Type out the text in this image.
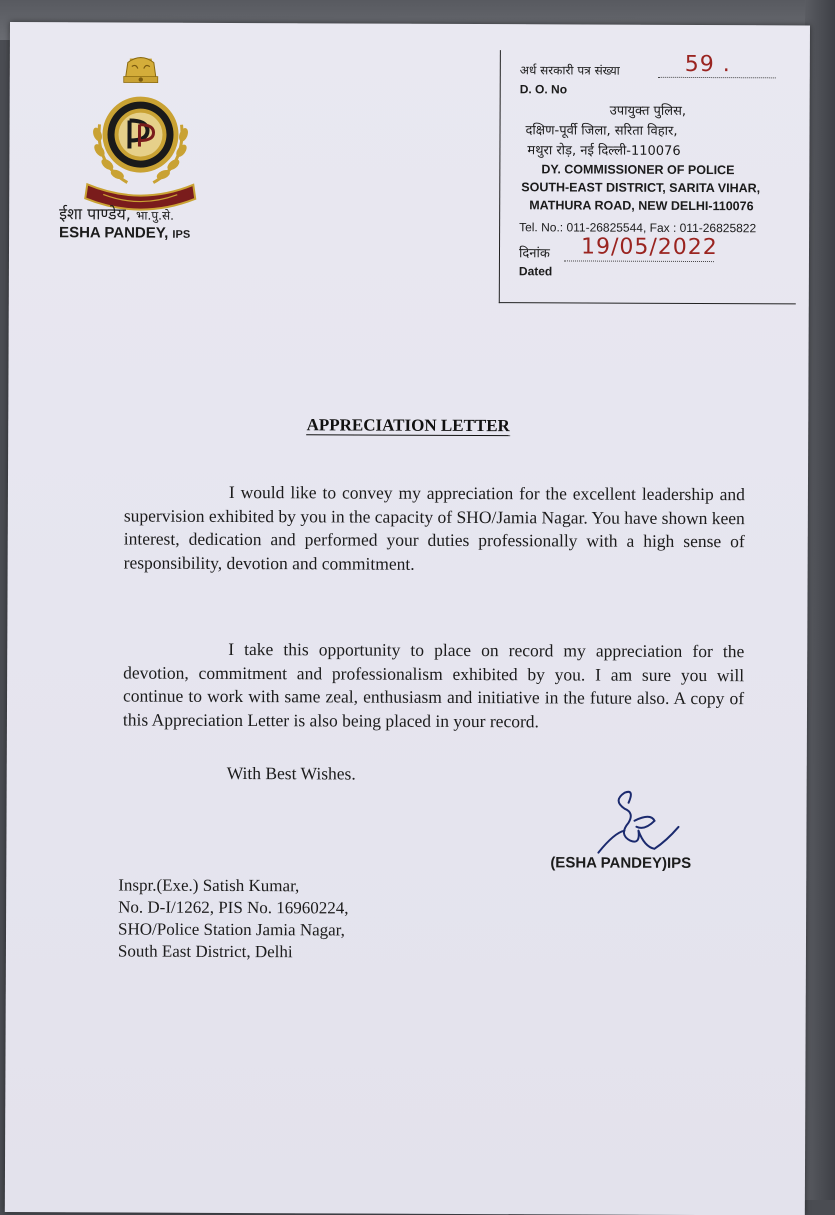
ईशा पाण्डेय, भा.पु.से.
ESHA PANDEY, IPS
अर्ध सरकारी पत्र संख्या	59 .
D. O. No
उपायुक्त पुलिस,
दक्षिण-पूर्वी जिला, सरिता विहार,
मथुरा रोड़, नई दिल्ली-110076
DY. COMMISSIONER OF POLICE
SOUTH-EAST DISTRICT, SARITA VIHAR,
MATHURA ROAD, NEW DELHI-110076
Tel. No.: 011-26825544, Fax : 011-26825822
दिनांक 19/05/2022
Dated
APPRECIATION LETTER
I would like to convey my appreciation for the excellent leadership and supervision exhibited by you in the capacity of SHO/Jamia Nagar. You have shown keen interest, dedication and performed your duties professionally with a high sense of responsibility, devotion and commitment.
I take this opportunity to place on record my appreciation for the devotion, commitment and professionalism exhibited by you. I am sure you will continue to work with same zeal, enthusiasm and initiative in the future also. A copy of this Appreciation Letter is also being placed in your record.
With Best Wishes.
(ESHA PANDEY)IPS
Inspr.(Exe.) Satish Kumar,
No. D-I/1262, PIS No. 16960224,
SHO/Police Station Jamia Nagar,
South East District, Delhi
